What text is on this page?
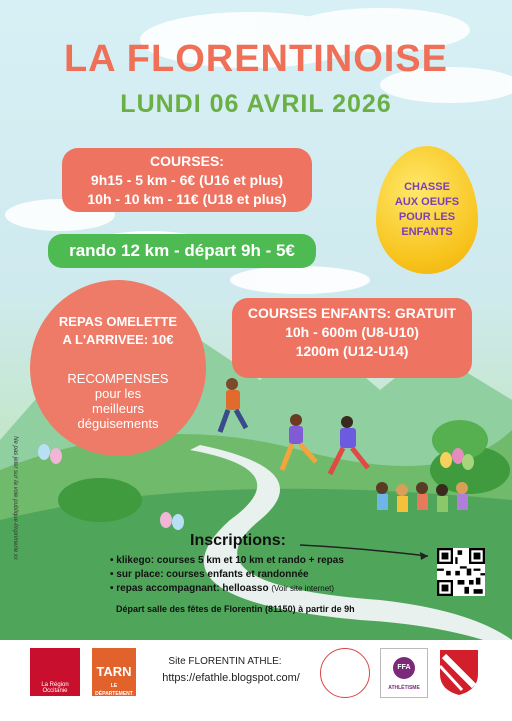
LA FLORENTINOISE
LUNDI 06 AVRIL 2026
COURSES:
9h15 - 5 km - 6€ (U16 et plus)
10h - 10 km - 11€ (U18 et plus)
rando 12 km - départ 9h - 5€
CHASSE
AUX OEUFS
POUR LES
ENFANTS
COURSES ENFANTS: GRATUIT
10h - 600m (U8-U10)
1200m (U12-U14)
REPAS OMELETTE
A L'ARRIVEE: 10€
RECOMPENSES
pour les
meilleurs
déguisements
Ne pas jeter sur la voie publique-Imprimerie xx	Inscriptions:
• klikego: courses 5 km et 10 km et rando + repas
• sur place: courses enfants et randonnée
• repas accompagnant: helloasso (Voir site internet)
Départ salle des fêtes de Florentin (81150) à partir de 9h
La Région Occitanie
TARN
LE DÉPARTEMENT
Site FLORENTIN ATHLE:
https://efathle.blogspot.com/
FFA
ATHLÉTISME
